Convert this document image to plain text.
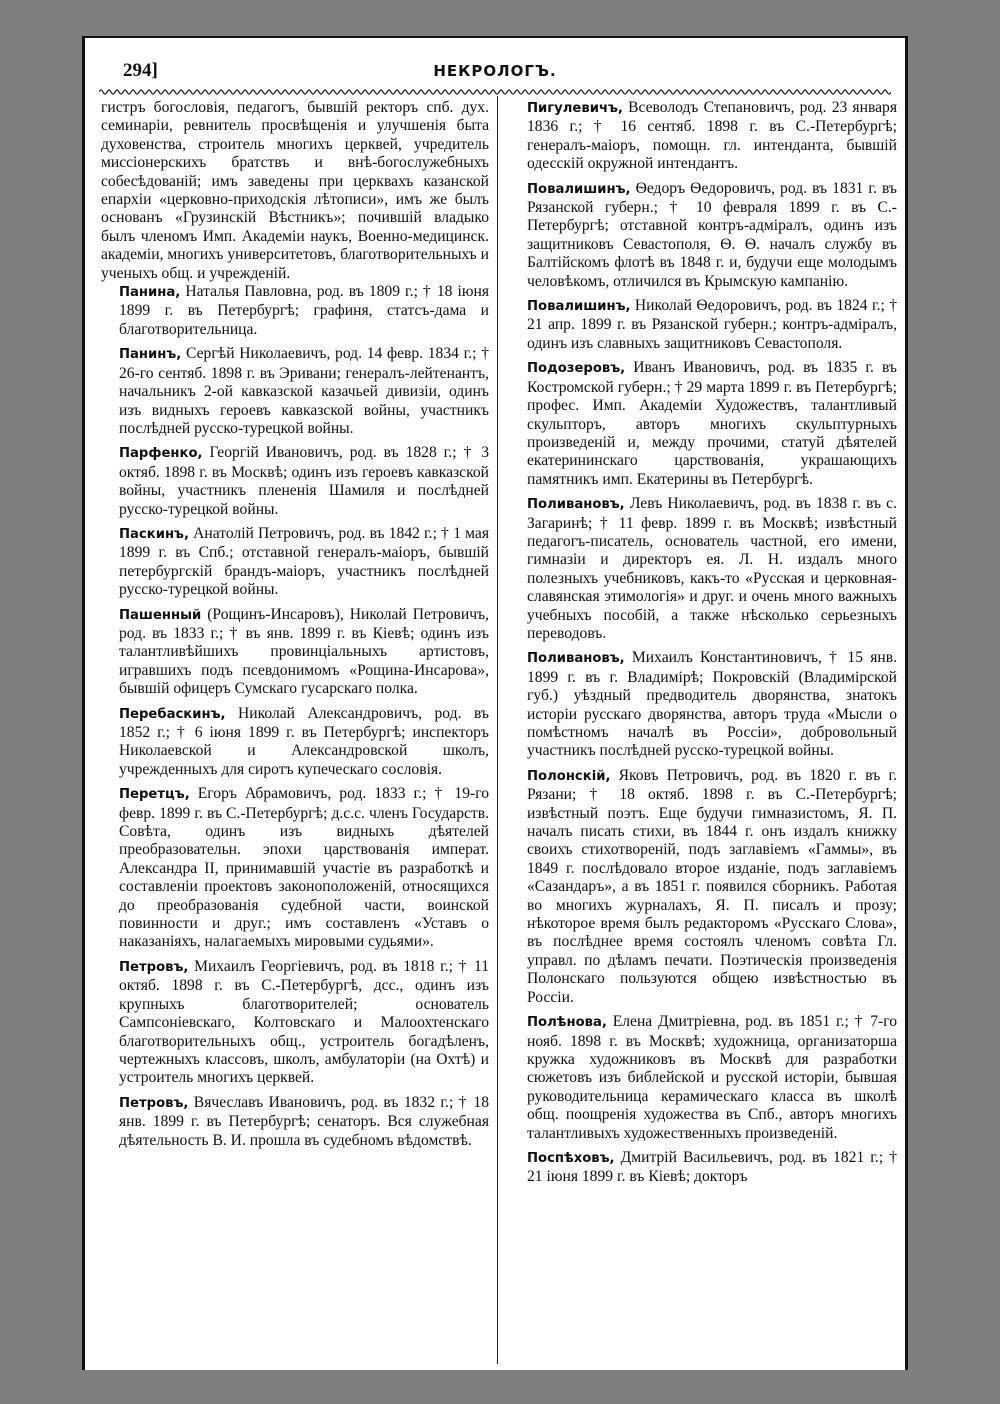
294]	НЕКРОЛОГЪ.

гистръ богословія, педагогъ, бывшій ректоръ спб. дух. семинаріи, ревнитель просвѣщенія и улучшенія быта духовенства, строитель многихъ церквей, учредитель миссіонерскихъ братствъ и внѣ-богослужебныхъ собесѣдованій; имъ заведены при церквахъ казанской епархіи «церковно-приходскія лѣтописи», имъ же былъ основанъ «Грузинскій Вѣстникъ»; почившій владыко былъ членомъ Имп. Академіи наукъ, Военно-медицинск. академіи, многихъ университетовъ, благотворительныхъ и ученыхъ общ. и учрежденій.

Панина, Наталья Павловна, род. въ 1809 г.; † 18 іюня 1899 г. въ Петербургѣ; графиня, статсъ-дама и благотворительница.

Панинъ, Сергѣй Николаевичъ, род. 14 февр. 1834 г.; † 26-го сентяб. 1898 г. въ Эривани; генералъ-лейтенантъ, начальникъ 2-ой кавказской казачьей дивизіи, одинъ изъ видныхъ героевъ кавказской войны, участникъ послѣдней русско-турецкой войны.

Парфенко, Георгій Ивановичъ, род. въ 1828 г.; † 3 октяб. 1898 г. въ Москвѣ; одинъ изъ героевъ кавказской войны, участникъ плененія Шамиля и послѣдней русско-турецкой войны.

Паскинъ, Анатолій Петровичъ, род. въ 1842 г.; † 1 мая 1899 г. въ Спб.; отставной генералъ-маіоръ, бывшій петербургскій брандъ-маіоръ, участникъ послѣдней русско-турецкой войны.

Пашенный (Рощинъ-Инсаровъ), Николай Петровичъ, род. въ 1833 г.; † въ янв. 1899 г. въ Кіевѣ; одинъ изъ талантливѣйшихъ провинціальныхъ артистовъ, игравшихъ подъ псевдонимомъ «Рощина-Инсарова», бывшій офицеръ Сумскаго гусарскаго полка.

Перебаскинъ, Николай Александровичъ, род. въ 1852 г.; † 6 іюня 1899 г. въ Петербургѣ; инспекторъ Николаевской и Александровской школъ, учрежденныхъ для сиротъ купеческаго сословія.

Перетцъ, Егоръ Абрамовичъ, род. 1833 г.; † 19-го февр. 1899 г. въ С.-Петербургѣ; д.с.с. членъ Государств. Совѣта, одинъ изъ видныхъ дѣятелей преобразовательн. эпохи царствованія императ. Александра II, принимавшій участіе въ разработкѣ и составленіи проектовъ законоположеній, относящихся до преобразованія судебной части, воинской повинности и друг.; имъ составленъ «Уставъ о наказаніяхъ, налагаемыхъ мировыми судьями».

Петровъ, Михаилъ Георгіевичъ, род. въ 1818 г.; † 11 октяб. 1898 г. въ С.-Петербургѣ, дсс., одинъ изъ крупныхъ благотворителей; основатель Сампсоніевскаго, Колтовскаго и Малоохтенскаго благотворительныхъ общ., устроитель богадѣленъ, чертежныхъ классовъ, школъ, амбулаторіи (на Охтѣ) и устроитель многихъ церквей.

Петровъ, Вячеславъ Ивановичъ, род. въ 1832 г.; † 18 янв. 1899 г. въ Петербургѣ; сенаторъ. Вся служебная дѣятельность В. И. прошла въ судебномъ вѣдомствѣ.

Пигулевичъ, Всеволодъ Степановичъ, род. 23 января 1836 г.; † 16 сентяб. 1898 г. въ С.-Петербургѣ; генералъ-маіоръ, помощн. гл. интенданта, бывшій одесскій окружной интендантъ.

Повалишинъ, Ѳедоръ Ѳедоровичъ, род. въ 1831 г. въ Рязанской губерн.; † 10 февраля 1899 г. въ С.-Петербургѣ; отставной контръ-адміралъ, одинъ изъ защитниковъ Севастополя, Ѳ. Ѳ. началъ службу въ Балтійскомъ флотѣ въ 1848 г. и, будучи еще молодымъ человѣкомъ, отличился въ Крымскую кампанію.

Повалишинъ, Николай Ѳедоровичъ, род. въ 1824 г.; † 21 апр. 1899 г. въ Рязанской губерн.; контръ-адміралъ, одинъ изъ славныхъ защитниковъ Севастополя.

Подозеровъ, Иванъ Ивановичъ, род. въ 1835 г. въ Костромской губерн.; † 29 марта 1899 г. въ Петербургѣ; профес. Имп. Академіи Художествъ, талантливый скульпторъ, авторъ многихъ скульптурныхъ произведеній и, между прочими, статуй дѣятелей екатерининскаго царствованія, украшающихъ памятникъ имп. Екатерины въ Петербургѣ.

Поливановъ, Левъ Николаевичъ, род. въ 1838 г. въ с. Загаринѣ; † 11 февр. 1899 г. въ Москвѣ; извѣстный педагогъ-писатель, основатель частной, его имени, гимназіи и директоръ ея. Л. Н. издалъ много полезныхъ учебниковъ, какъ-то «Русская и церковная-славянская этимологія» и друг. и очень много важныхъ учебныхъ пособій, а также нѣсколько серьезныхъ переводовъ.

Поливановъ, Михаилъ Константиновичъ, † 15 янв. 1899 г. въ г. Владимірѣ; Покровскій (Владимірской губ.) уѣздный предводитель дворянства, знатокъ исторіи русскаго дворянства, авторъ труда «Мысли о помѣстномъ началѣ въ Россіи», добровольный участникъ послѣдней русско-турецкой войны.

Полонскій, Яковъ Петровичъ, род. въ 1820 г. въ г. Рязани; † 18 октяб. 1898 г. въ С.-Петербургѣ; извѣстный поэтъ. Еще будучи гимназистомъ, Я. П. началъ писать стихи, въ 1844 г. онъ издалъ книжку своихъ стихотвореній, подъ заглавіемъ «Гаммы», въ 1849 г. послѣдовало второе изданіе, подъ заглавіемъ «Сазандаръ», а въ 1851 г. появился сборникъ. Работая во многихъ журналахъ, Я. П. писалъ и прозу; нѣкоторое время былъ редакторомъ «Русскаго Слова», въ послѣднее время состоялъ членомъ совѣта Гл. управл. по дѣламъ печати. Поэтическія произведенія Полонскаго пользуются общею извѣстностью въ Россіи.

Полѣнова, Елена Дмитріевна, род. въ 1851 г.; † 7-го нояб. 1898 г. въ Москвѣ; художница, организаторша кружка художниковъ въ Москвѣ для разработки сюжетовъ изъ библейской и русской исторіи, бывшая руководительница керамическаго класса въ школѣ общ. поощренія художества въ Спб., авторъ многихъ талантливыхъ художественныхъ произведеній.

Поспѣховъ, Дмитрій Васильевичъ, род. въ 1821 г.; † 21 іюня 1899 г. въ Кіевѣ; докторъ
